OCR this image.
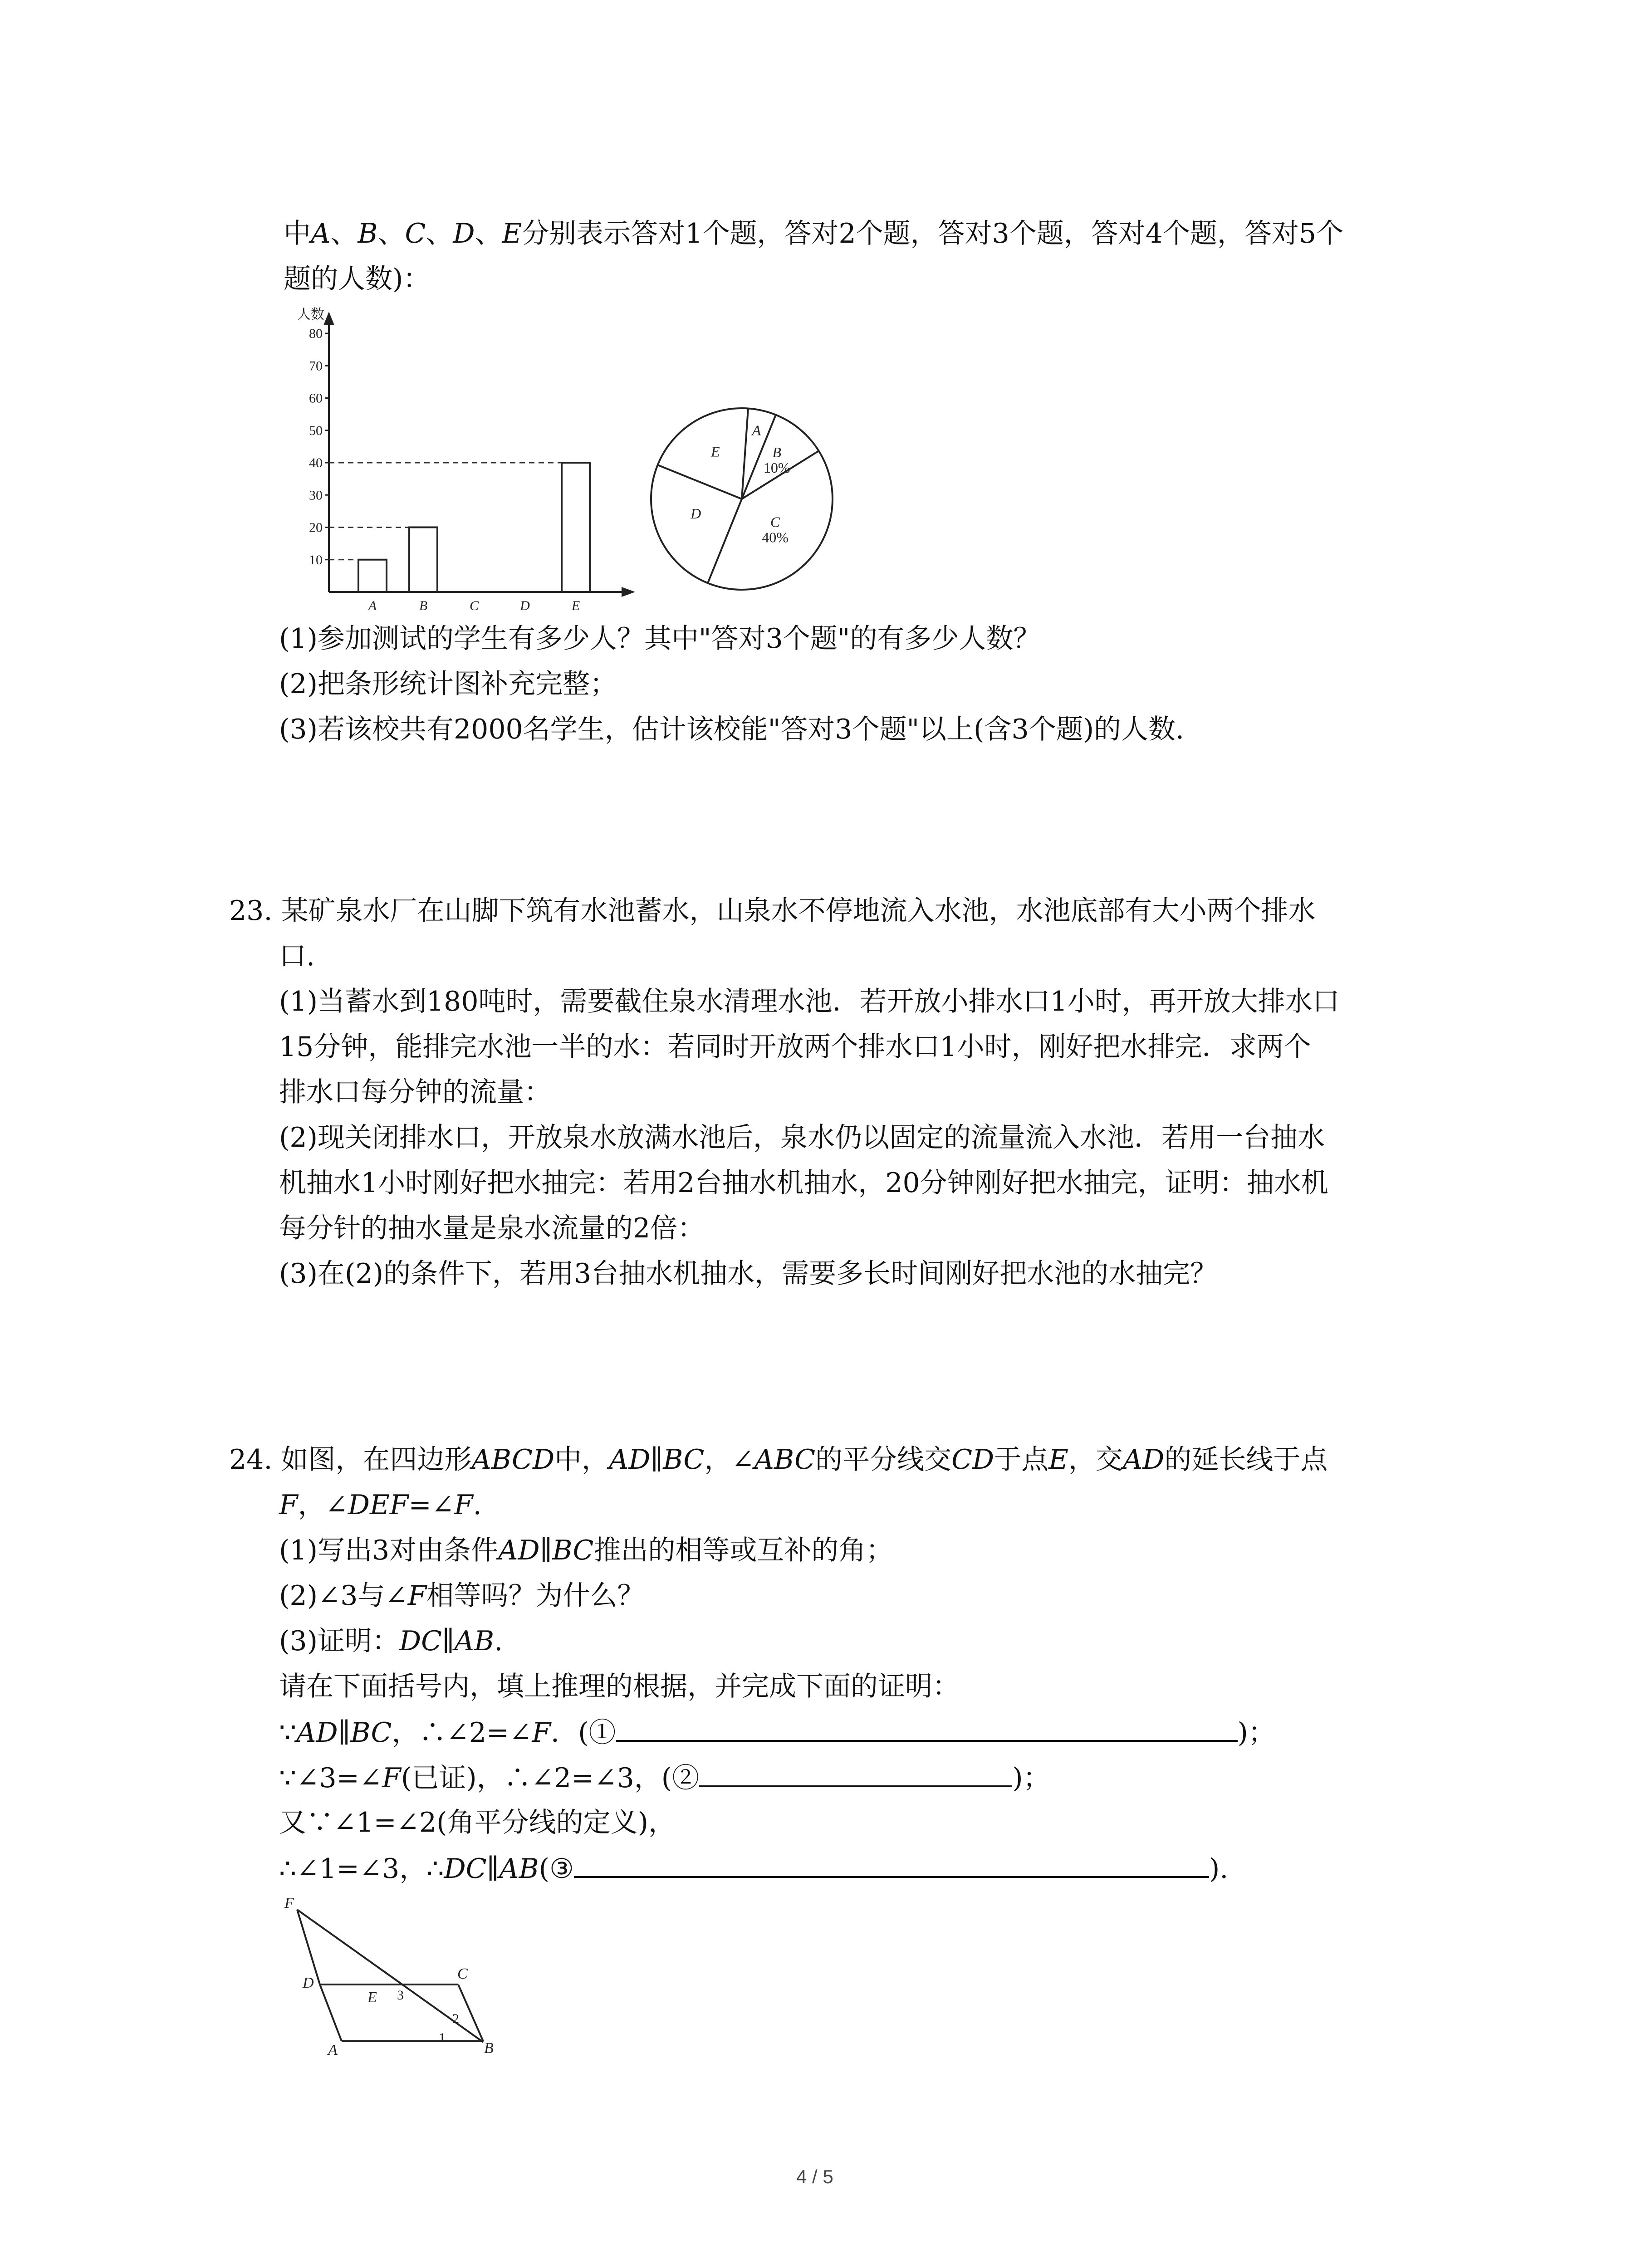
中A、B、C、D、E分别表示答对1个题，答对2个题，答对3个题，答对4个题，答对5个
题的人数)：
人数
10
20
30
40
50
60
70
80
A	B	C	D	E
A
B
10%
C
40%
D
E
(1)参加测试的学生有多少人？其中"答对3个题"的有多少人数？
(2)把条形统计图补充完整；
(3)若该校共有2000名学生，估计该校能"答对3个题"以上(含3个题)的人数.
23. 某矿泉水厂在山脚下筑有水池蓄水，山泉水不停地流入水池，水池底部有大小两个排水
口.
(1)当蓄水到180吨时，需要截住泉水清理水池．若开放小排水口1小时，再开放大排水口
15分钟，能排完水池一半的水：若同时开放两个排水口1小时，刚好把水排完．求两个
排水口每分钟的流量：
(2)现关闭排水口，开放泉水放满水池后，泉水仍以固定的流量流入水池．若用一台抽水
机抽水1小时刚好把水抽完：若用2台抽水机抽水，20分钟刚好把水抽完，证明：抽水机
每分针的抽水量是泉水流量的2倍：
(3)在(2)的条件下，若用3台抽水机抽水，需要多长时间刚好把水池的水抽完？
24. 如图，在四边形ABCD中，AD∥BC，∠ABC的平分线交CD于点E，交AD的延长线于点
F，∠DEF=∠F.
(1)写出3对由条件AD∥BC推出的相等或互补的角；
(2)∠3与∠F相等吗？为什么？
(3)证明：DC∥AB.
请在下面括号内，填上推理的根据，并完成下面的证明：
∵AD∥BC，∴∠2=∠F．(①	)；
∵∠3=∠F(已证)，∴∠2=∠3，(②	)；
又∵∠1=∠2(角平分线的定义)，
∴∠1=∠3，∴DC∥AB(③	).
F
D
E
C
A	B
1
2
3
4 / 5
